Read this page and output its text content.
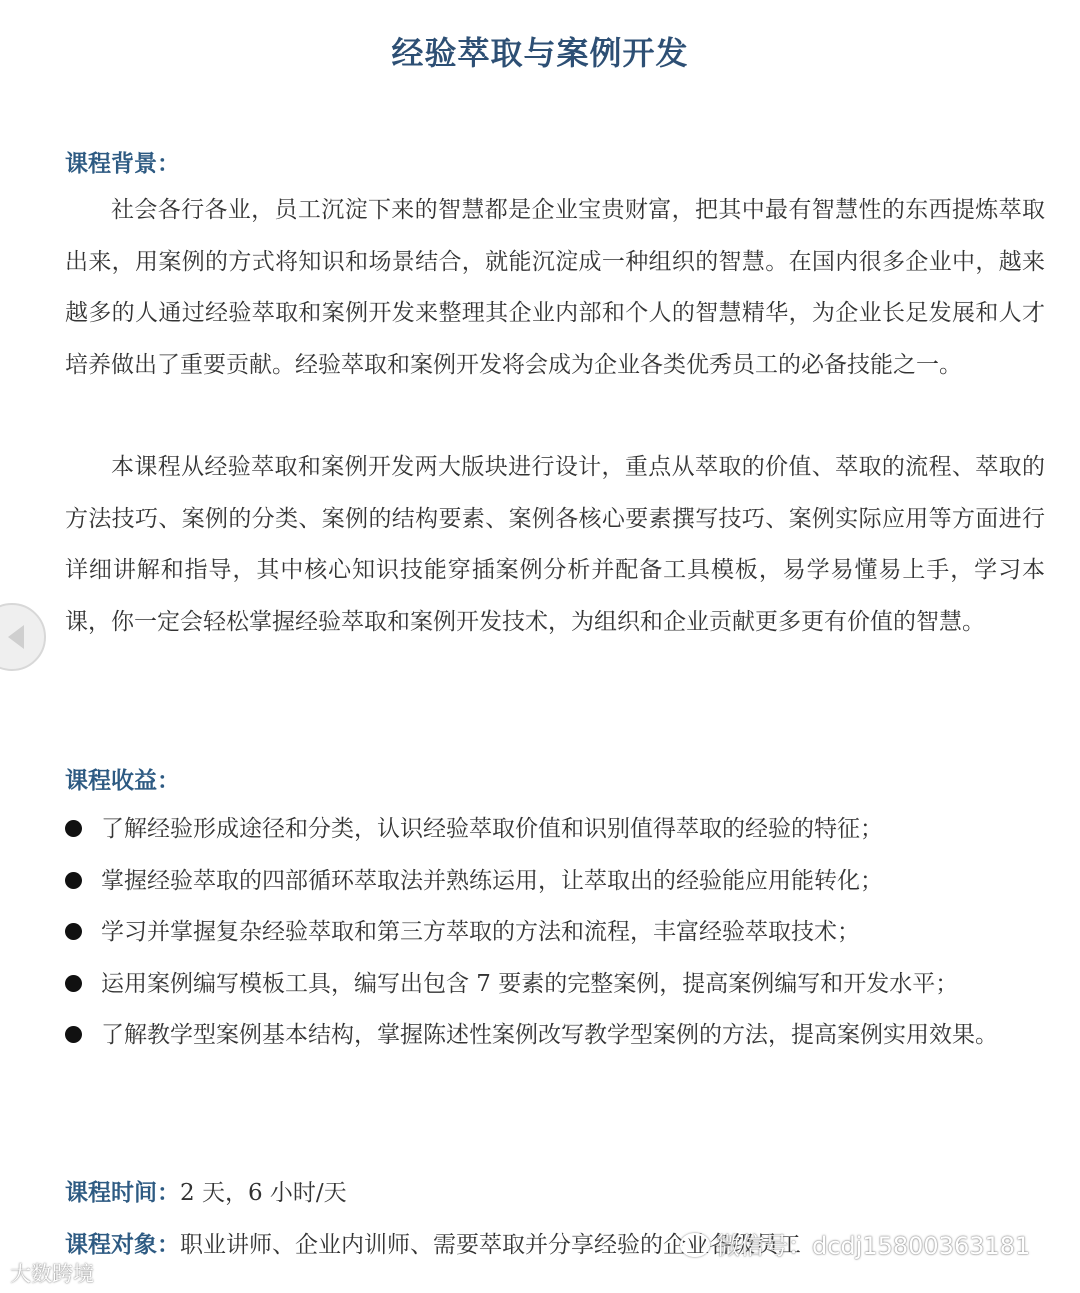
经验萃取与案例开发
课程背景：

社会各行各业，员工沉淀下来的智慧都是企业宝贵财富，把其中最有智慧性的东西提炼萃取出来，用案例的方式将知识和场景结合，就能沉淀成一种组织的智慧。在国内很多企业中，越来越多的人通过经验萃取和案例开发来整理其企业内部和个人的智慧精华，为企业长足发展和人才培养做出了重要贡献。经验萃取和案例开发将会成为企业各类优秀员工的必备技能之一。

本课程从经验萃取和案例开发两大版块进行设计，重点从萃取的价值、萃取的流程、萃取的方法技巧、案例的分类、案例的结构要素、案例各核心要素撰写技巧、案例实际应用等方面进行详细讲解和指导，其中核心知识技能穿插案例分析并配备工具模板，易学易懂易上手，学习本课，你一定会轻松掌握经验萃取和案例开发技术，为组织和企业贡献更多更有价值的智慧。

课程收益：
了解经验形成途径和分类，认识经验萃取价值和识别值得萃取的经验的特征；
掌握经验萃取的四部循环萃取法并熟练运用，让萃取出的经验能应用能转化；
学习并掌握复杂经验萃取和第三方萃取的方法和流程，丰富经验萃取技术；
运用案例编写模板工具，编写出包含 7 要素的完整案例，提高案例编写和开发水平；
了解教学型案例基本结构，掌握陈述性案例改写教学型案例的方法，提高案例实用效果。
课程时间：2 天，6 小时/天
课程对象：职业讲师、企业内训师、需要萃取并分享经验的企业各级员工
大数跨境
微信号：dcdj15800363181
